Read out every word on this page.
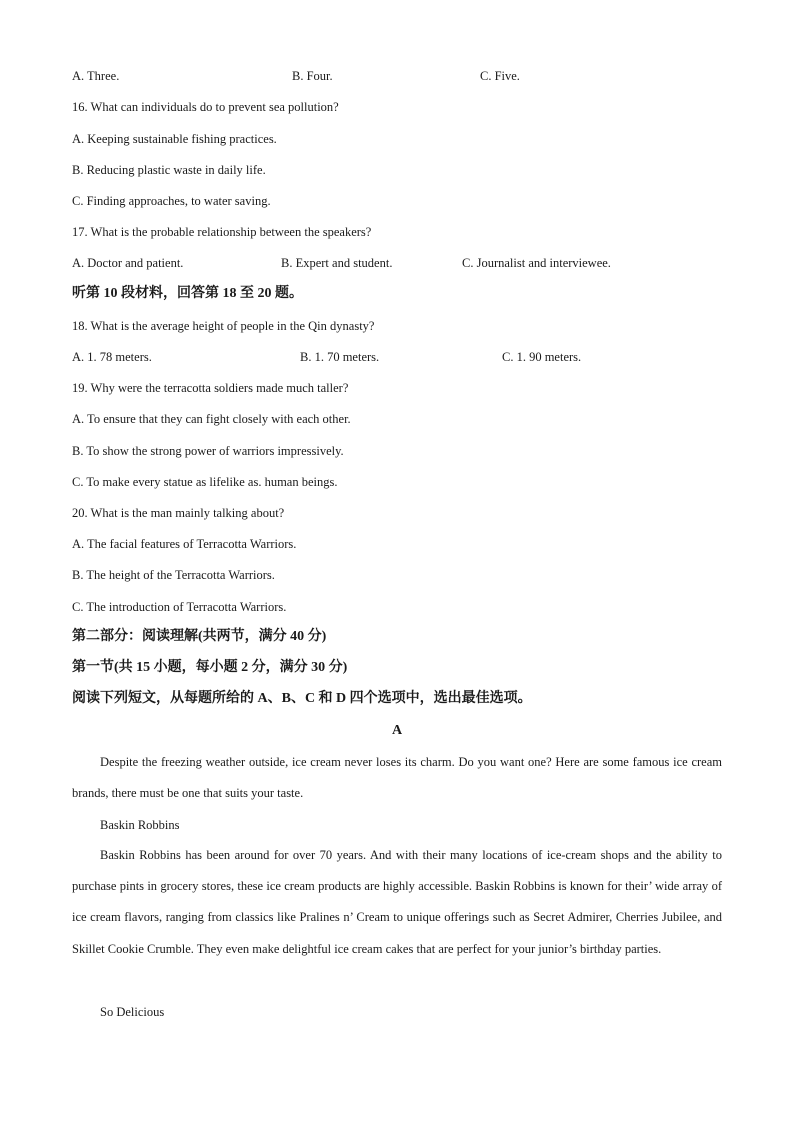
A. Three.	B. Four.	C. Five.
16. What can individuals do to prevent sea pollution?
A. Keeping sustainable fishing practices.
B. Reducing plastic waste in daily life.
C. Finding approaches, to water saving.
17. What is the probable relationship between the speakers?
A. Doctor and patient.	B. Expert and student.	C. Journalist and interviewee.
听第 10 段材料，回答第 18 至 20 题。
18. What is the average height of people in the Qin dynasty?
A. 1. 78 meters.	B. 1. 70 meters.	C. 1. 90 meters.
19. Why were the terracotta soldiers made much taller?
A. To ensure that they can fight closely with each other.
B. To show the strong power of warriors impressively.
C. To make every statue as lifelike as. human beings.
20. What is the man mainly talking about?
A. The facial features of Terracotta Warriors.
B. The height of the Terracotta Warriors.
C. The introduction of Terracotta Warriors.
第二部分：阅读理解(共两节，满分 40 分)
第一节(共 15 小题，每小题 2 分，满分 30 分)
阅读下列短文，从每题所给的 A、B、C 和 D 四个选项中，选出最佳选项。
A
Despite the freezing weather outside, ice cream never loses its charm. Do you want one? Here are some famous ice cream brands, there must be one that suits your taste.
Baskin Robbins
Baskin Robbins has been around for over 70 years. And with their many locations of ice-cream shops and the ability to purchase pints in grocery stores, these ice cream products are highly accessible. Baskin Robbins is known for their’ wide array of ice cream flavors, ranging from classics like Pralines n’ Cream to unique offerings such as Secret Admirer, Cherries Jubilee, and Skillet Cookie Crumble. They even make delightful ice cream cakes that are perfect for your junior’s birthday parties.
So Delicious
